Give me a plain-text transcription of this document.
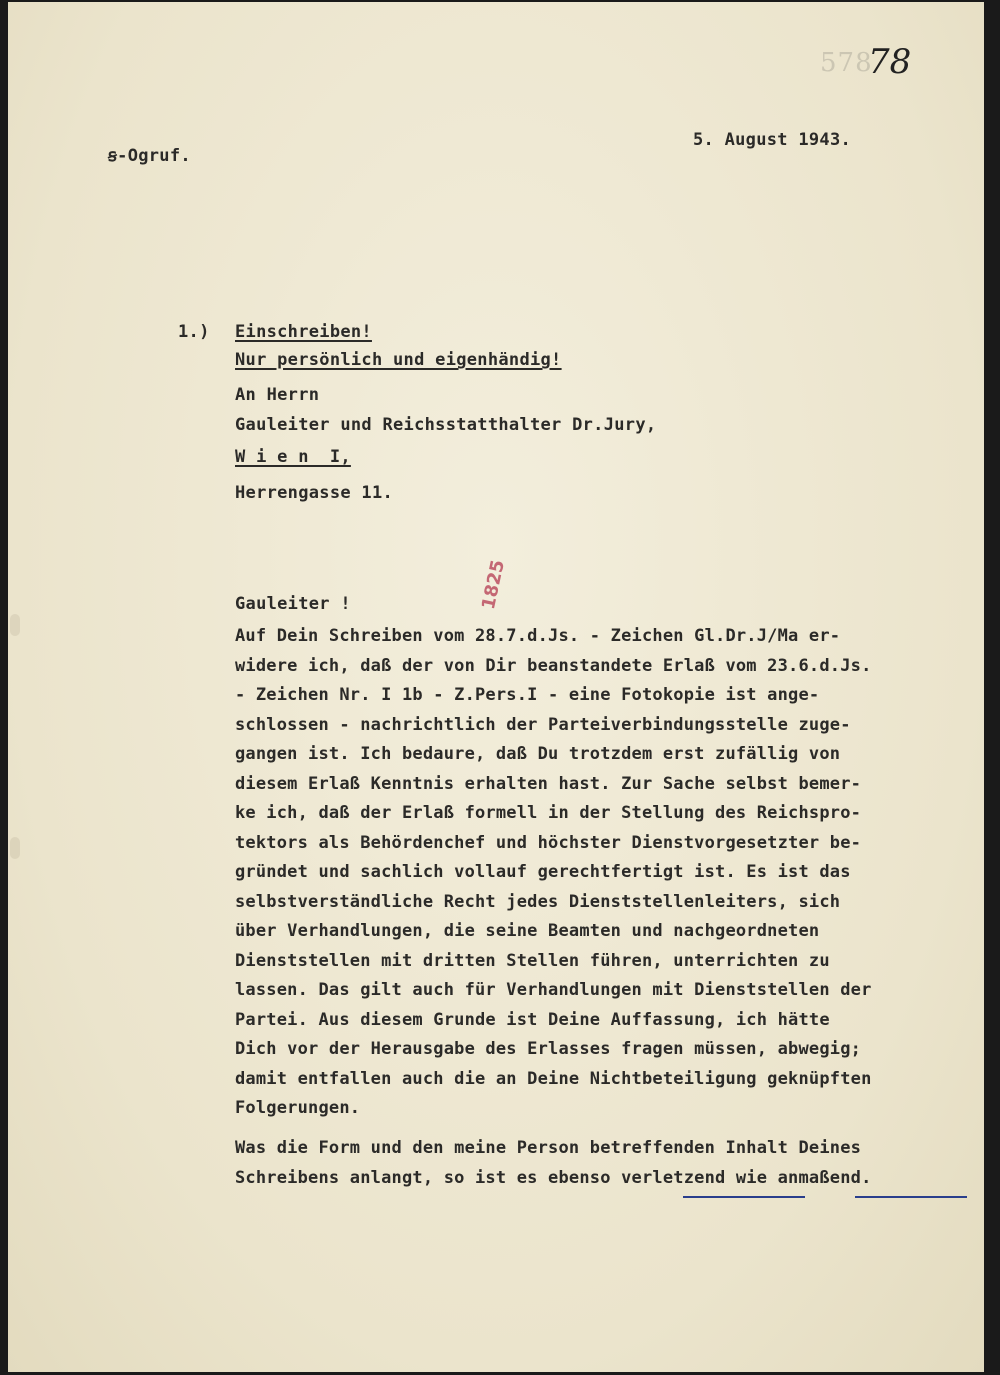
578
78
ꞩ-Ogruf.
5. August 1943.
1.) Einschreiben!
Nur persönlich und eigenhändig!
An Herrn
Gauleiter und Reichsstatthalter Dr.Jury,
W i e n  I,
Herrengasse 11.
Gauleiter !	1825
Auf Dein Schreiben vom 28.7.d.Js. - Zeichen Gl.Dr.J/Ma er-
widere ich, daß der von Dir beanstandete Erlaß vom 23.6.d.Js.
- Zeichen Nr. I 1b - Z.Pers.I - eine Fotokopie ist ange-
schlossen - nachrichtlich der Parteiverbindungsstelle zuge-
gangen ist. Ich bedaure, daß Du trotzdem erst zufällig von
diesem Erlaß Kenntnis erhalten hast. Zur Sache selbst bemer-
ke ich, daß der Erlaß formell in der Stellung des Reichspro-
tektors als Behördenchef und höchster Dienstvorgesetzter be-
gründet und sachlich vollauf gerechtfertigt ist. Es ist das
selbstverständliche Recht jedes Dienststellenleiters, sich
über Verhandlungen, die seine Beamten und nachgeordneten
Dienststellen mit dritten Stellen führen, unterrichten zu
lassen. Das gilt auch für Verhandlungen mit Dienststellen der
Partei. Aus diesem Grunde ist Deine Auffassung, ich hätte
Dich vor der Herausgabe des Erlasses fragen müssen, abwegig;
damit entfallen auch die an Deine Nichtbeteiligung geknüpften
Folgerungen.
Was die Form und den meine Person betreffenden Inhalt Deines
Schreibens anlangt, so ist es ebenso verletzend wie anmaßend.
